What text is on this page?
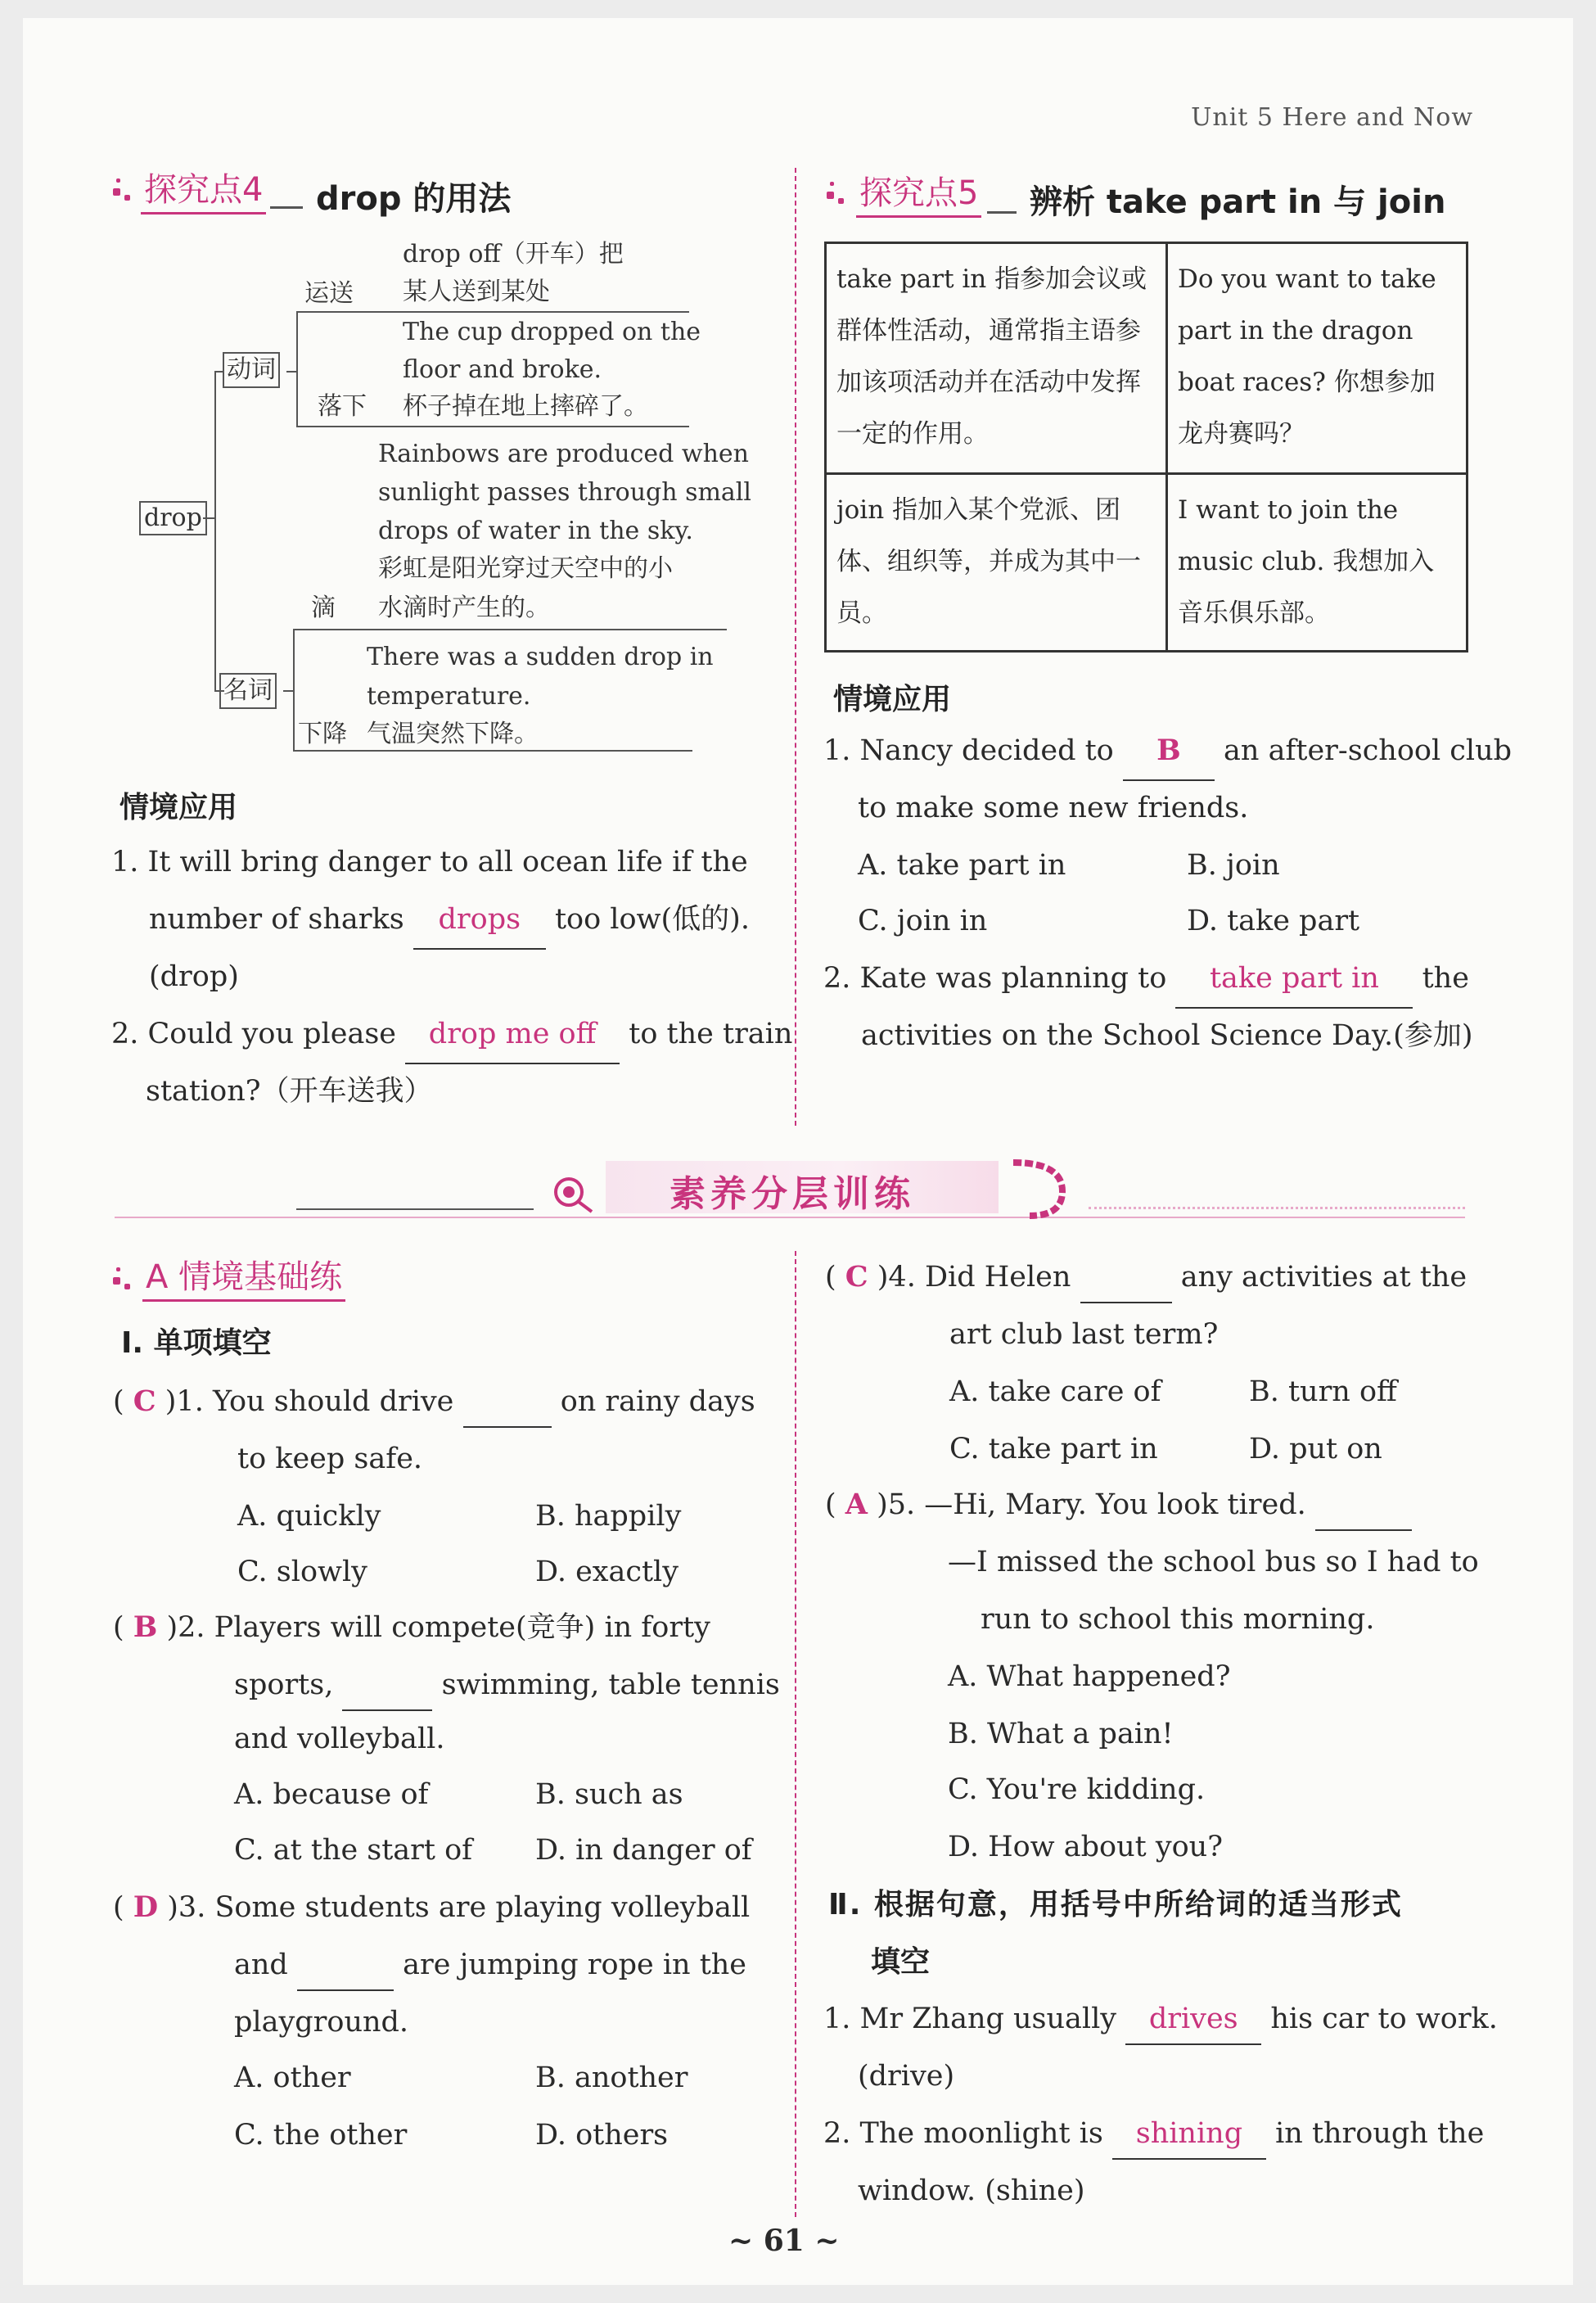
Unit 5 Here and Now
探究点4 drop 的用法
drop
动词
运送
drop off（开车）把
某人送到某处
The cup dropped on the
floor and broke.
落下 杯子掉在地上摔碎了。
名词
Rainbows are produced when
sunlight passes through small
drops of water in the sky.
彩虹是阳光穿过天空中的小
滴 水滴时产生的。
There was a sudden drop in
temperature.
下降 气温突然下降。
情境应用
1. It will bring danger to all ocean life if the
number of sharks drops too low(低的).
(drop)
2. Could you please drop me off to the train
station?（开车送我）
探究点5 辨析 take part in 与 join
take part in 指参加会议或群体性活动，通常指主语参加该项活动并在活动中发挥一定的作用。	Do you want to take part in the dragon boat races? 你想参加龙舟赛吗？
join 指加入某个党派、团体、组织等，并成为其中一员。	I want to join the music club. 我想加入音乐俱乐部。
情境应用
1. Nancy decided to B an after-school club
to make some new friends.
A. take part in	B. join
C. join in	D. take part
2. Kate was planning to take part in the
activities on the School Science Day.(参加)
素养分层训练
A 情境基础练
Ⅰ. 单项填空
( C )1. You should drive	on rainy days
to keep safe.
A. quickly	B. happily
C. slowly	D. exactly
( B )2. Players will compete(竞争) in forty
sports,	swimming, table tennis
and volleyball.
A. because of	B. such as
C. at the start of D. in danger of
( D )3. Some students are playing volleyball
and	are jumping rope in the
playground.
A. other	B. another
C. the other	D. others
( C )4. Did Helen	any activities at the
art club last term?
A. take care of	B. turn off
C. take part in	D. put on
( A )5. —Hi, Mary. You look tired.
—I missed the school bus so I had to
run to school this morning.
A. What happened?
B. What a pain!
C. You're kidding.
D. How about you?
Ⅱ. 根据句意，用括号中所给词的适当形式
填空
1. Mr Zhang usually drives his car to work.
(drive)
2. The moonlight is shining in through the
window. (shine)
~ 61 ~
